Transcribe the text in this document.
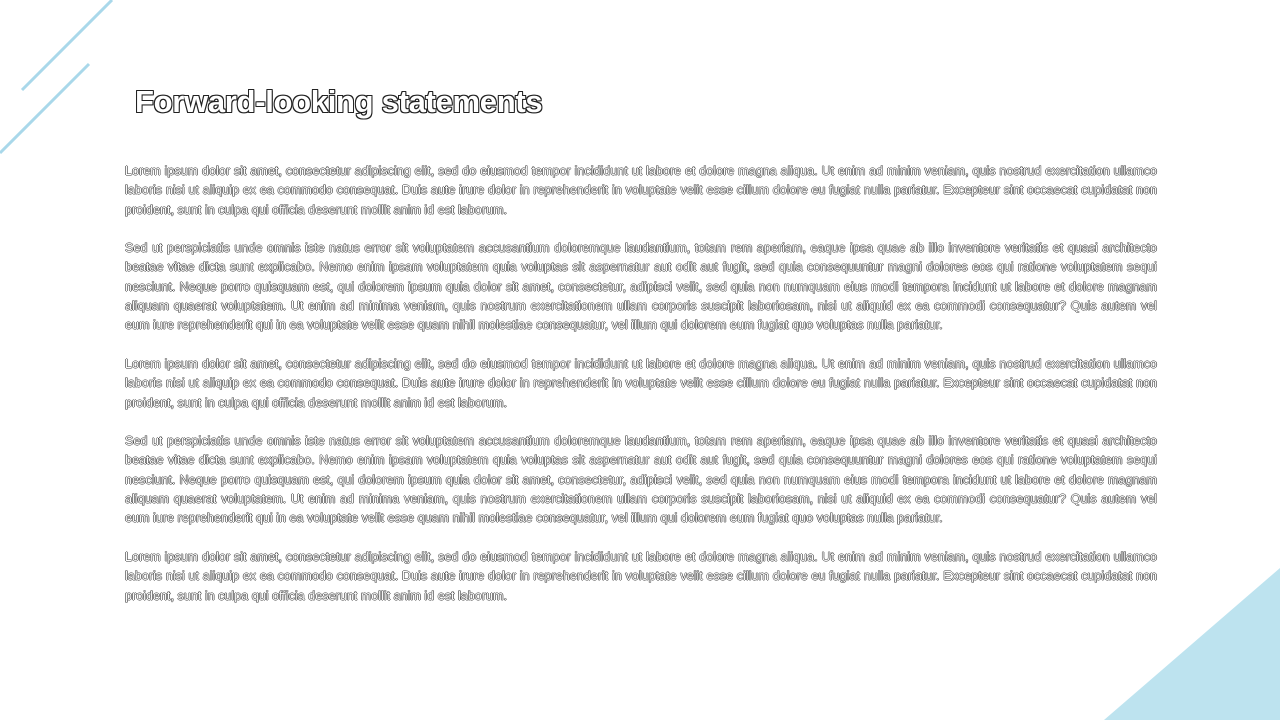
Forward-looking statements

Lorem ipsum dolor sit amet, consectetur adipiscing elit, sed do eiusmod tempor incididunt ut labore et dolore magna aliqua. Ut enim ad minim veniam, quis nostrud exercitation ullamco laboris nisi ut aliquip ex ea commodo consequat. Duis aute irure dolor in reprehenderit in voluptate velit esse cillum dolore eu fugiat nulla pariatur. Excepteur sint occaecat cupidatat non proident, sunt in culpa qui officia deserunt mollit anim id est laborum.

Sed ut perspiciatis unde omnis iste natus error sit voluptatem accusantium doloremque laudantium, totam rem aperiam, eaque ipsa quae ab illo inventore veritatis et quasi architecto beatae vitae dicta sunt explicabo. Nemo enim ipsam voluptatem quia voluptas sit aspernatur aut odit aut fugit, sed quia consequuntur magni dolores eos qui ratione voluptatem sequi nesciunt. Neque porro quisquam est, qui dolorem ipsum quia dolor sit amet, consectetur, adipisci velit, sed quia non numquam eius modi tempora incidunt ut labore et dolore magnam aliquam quaerat voluptatem. Ut enim ad minima veniam, quis nostrum exercitationem ullam corporis suscipit laboriosam, nisi ut aliquid ex ea commodi consequatur? Quis autem vel eum iure reprehenderit qui in ea voluptate velit esse quam nihil molestiae consequatur, vel illum qui dolorem eum fugiat quo voluptas nulla pariatur.

Lorem ipsum dolor sit amet, consectetur adipiscing elit, sed do eiusmod tempor incididunt ut labore et dolore magna aliqua. Ut enim ad minim veniam, quis nostrud exercitation ullamco laboris nisi ut aliquip ex ea commodo consequat. Duis aute irure dolor in reprehenderit in voluptate velit esse cillum dolore eu fugiat nulla pariatur. Excepteur sint occaecat cupidatat non proident, sunt in culpa qui officia deserunt mollit anim id est laborum.

Sed ut perspiciatis unde omnis iste natus error sit voluptatem accusantium doloremque laudantium, totam rem aperiam, eaque ipsa quae ab illo inventore veritatis et quasi architecto beatae vitae dicta sunt explicabo. Nemo enim ipsam voluptatem quia voluptas sit aspernatur aut odit aut fugit, sed quia consequuntur magni dolores eos qui ratione voluptatem sequi nesciunt. Neque porro quisquam est, qui dolorem ipsum quia dolor sit amet, consectetur, adipisci velit, sed quia non numquam eius modi tempora incidunt ut labore et dolore magnam aliquam quaerat voluptatem. Ut enim ad minima veniam, quis nostrum exercitationem ullam corporis suscipit laboriosam, nisi ut aliquid ex ea commodi consequatur? Quis autem vel eum iure reprehenderit qui in ea voluptate velit esse quam nihil molestiae consequatur, vel illum qui dolorem eum fugiat quo voluptas nulla pariatur.

Lorem ipsum dolor sit amet, consectetur adipiscing elit, sed do eiusmod tempor incididunt ut labore et dolore magna aliqua. Ut enim ad minim veniam, quis nostrud exercitation ullamco laboris nisi ut aliquip ex ea commodo consequat. Duis aute irure dolor in reprehenderit in voluptate velit esse cillum dolore eu fugiat nulla pariatur. Excepteur sint occaecat cupidatat non proident, sunt in culpa qui officia deserunt mollit anim id est laborum.
